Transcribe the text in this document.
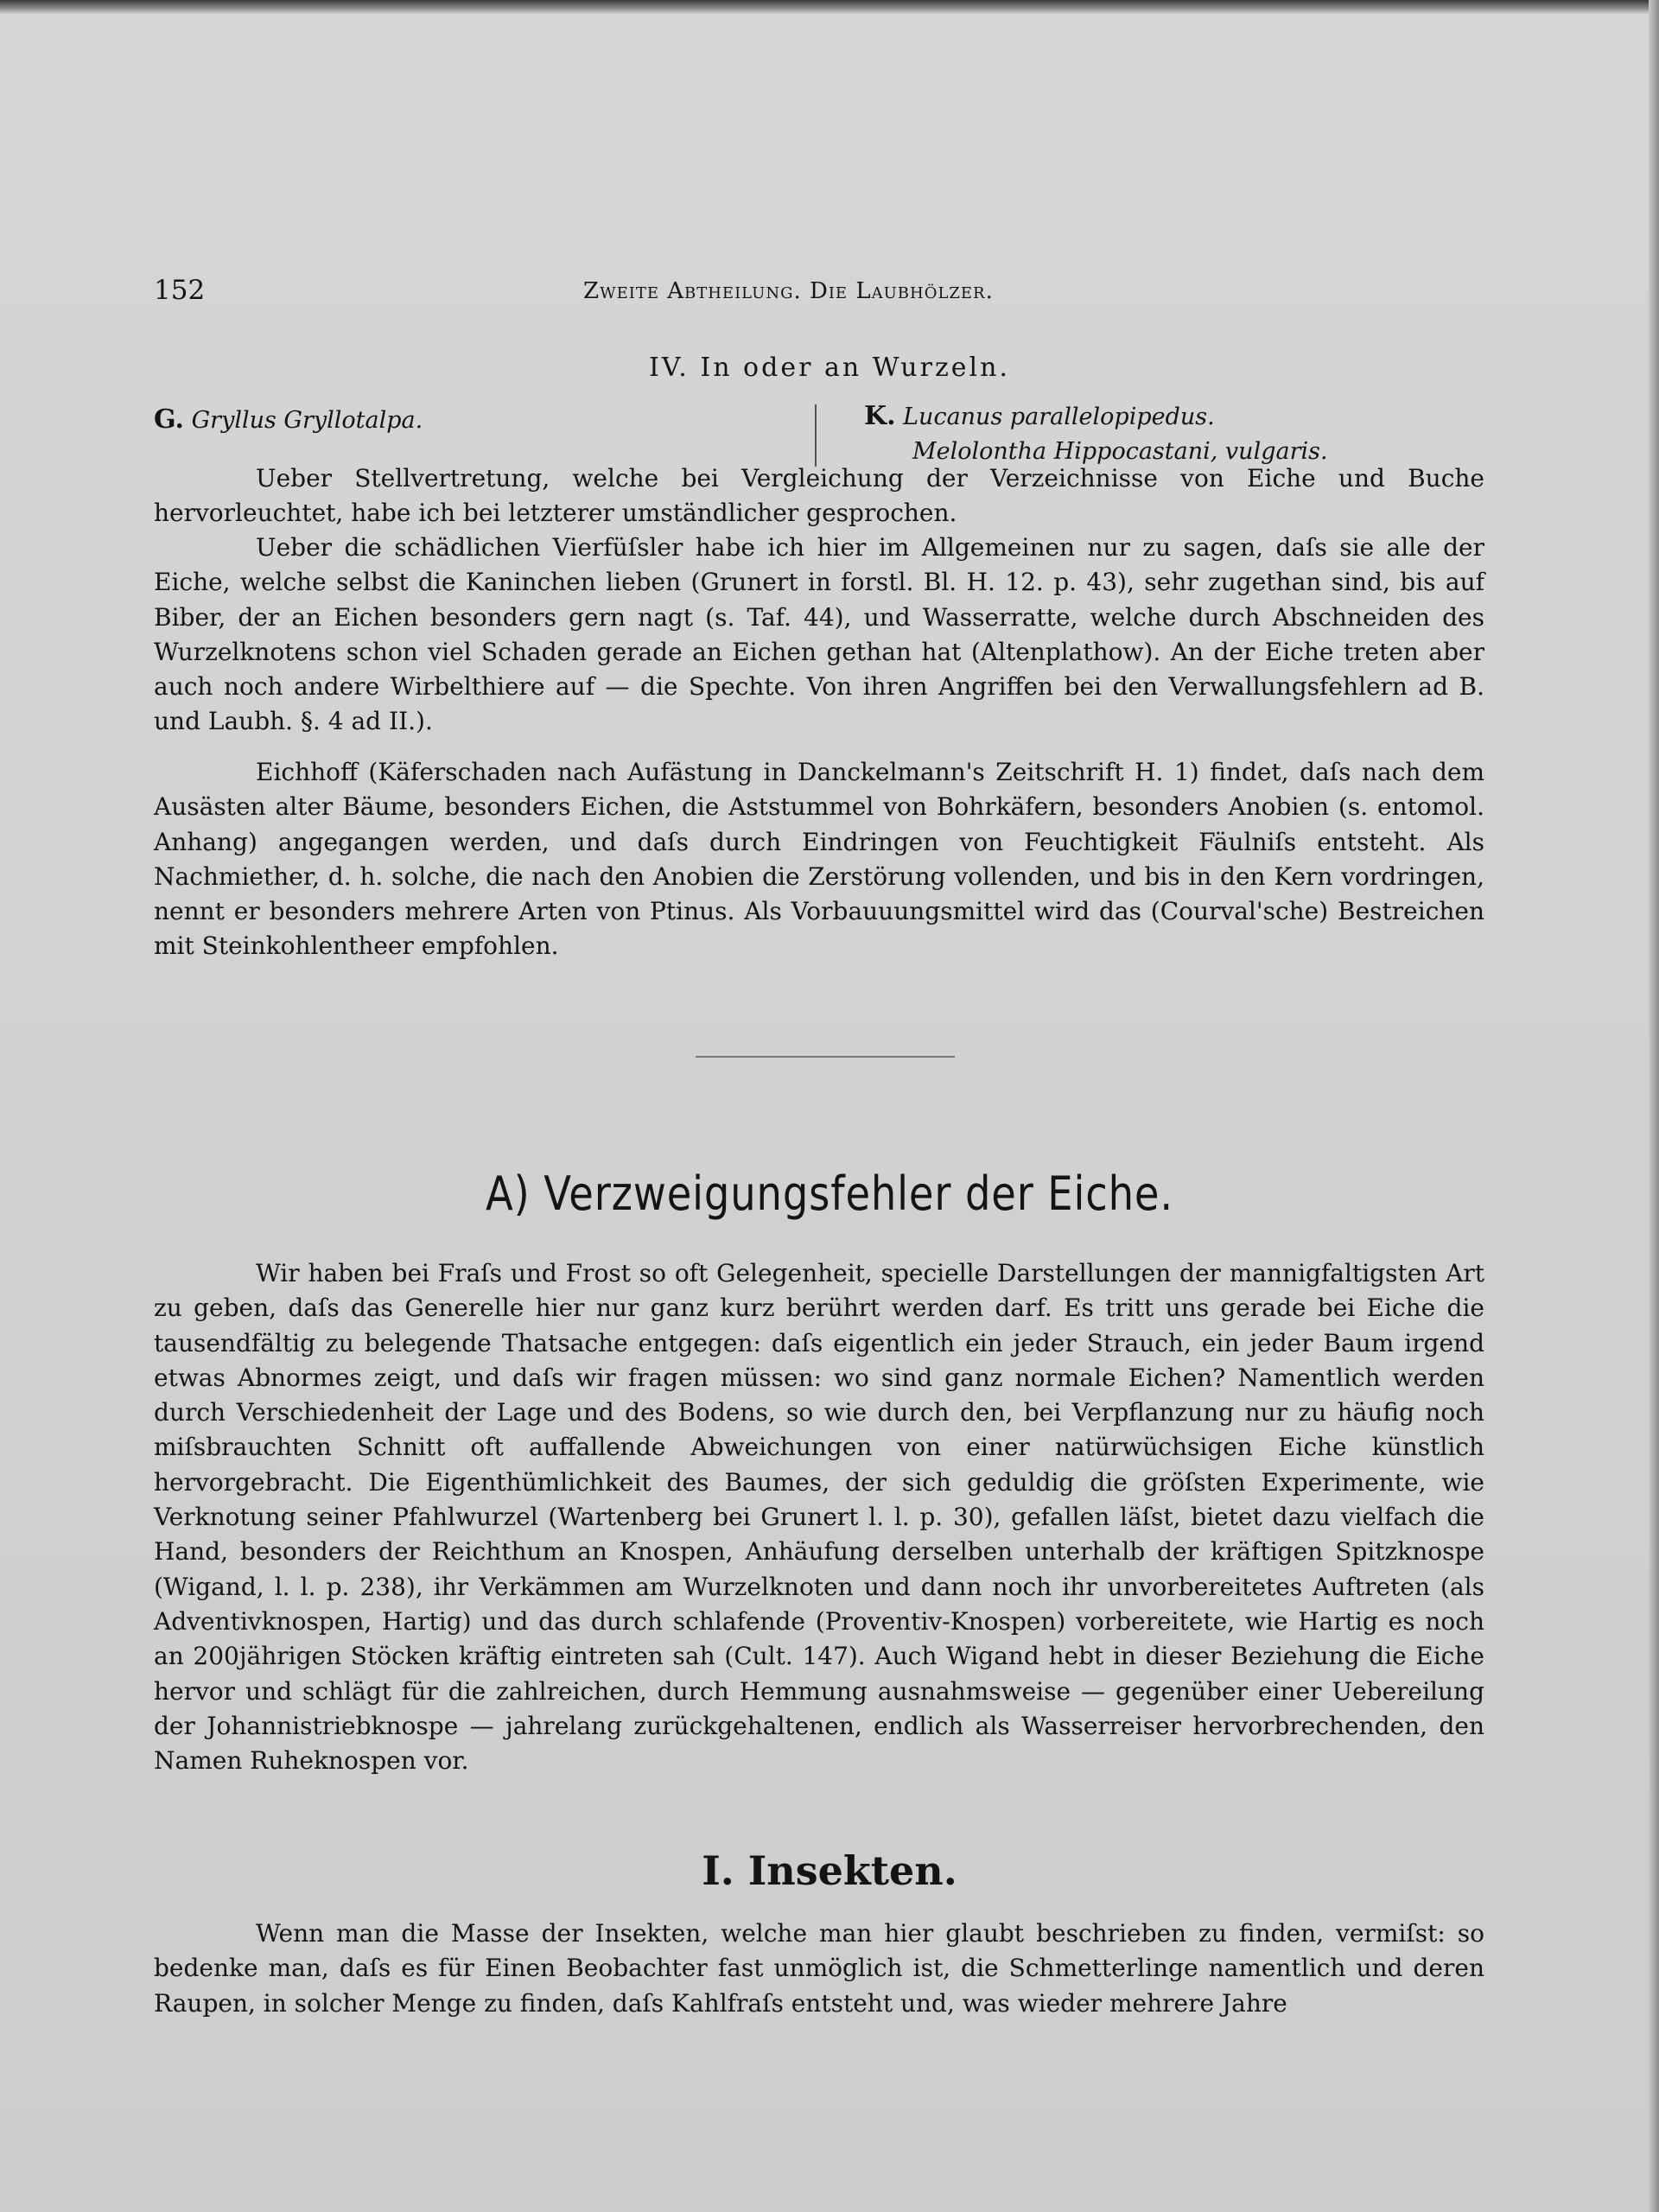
152	Zweite Abtheilung. Die Laubhölzer.
IV. In oder an Wurzeln.
G. Gryllus Gryllotalpa.	K. Lucanus parallelopipedus.
Melolontha Hippocastani, vulgaris.

Ueber Stellvertretung, welche bei Vergleichung der Verzeichnisse von Eiche und Buche hervorleuchtet, habe ich bei letzterer umständlicher gesprochen.

Ueber die schädlichen Vierfüſsler habe ich hier im Allgemeinen nur zu sagen, daſs sie alle der Eiche, welche selbst die Kaninchen lieben (Grunert in forstl. Bl. H. 12. p. 43), sehr zugethan sind, bis auf Biber, der an Eichen besonders gern nagt (s. Taf. 44), und Wasserratte, welche durch Abschneiden des Wurzelknotens schon viel Schaden gerade an Eichen gethan hat (Altenplathow). An der Eiche treten aber auch noch andere Wirbelthiere auf — die Spechte. Von ihren Angriffen bei den Verwallungsfehlern ad B. und Laubh. §. 4 ad II.).

Eichhoff (Käferschaden nach Aufästung in Danckelmann's Zeitschrift H. 1) findet, daſs nach dem Ausästen alter Bäume, besonders Eichen, die Aststummel von Bohrkäfern, besonders Anobien (s. entomol. Anhang) angegangen werden, und daſs durch Eindringen von Feuchtigkeit Fäulniſs entsteht. Als Nachmiether, d. h. solche, die nach den Anobien die Zerstörung vollenden, und bis in den Kern vordringen, nennt er besonders mehrere Arten von Ptinus. Als Vorbauuungsmittel wird das (Courval'sche) Bestreichen mit Steinkohlentheer empfohlen.

A) Verzweigungsfehler der Eiche.

Wir haben bei Fraſs und Frost so oft Gelegenheit, specielle Darstellungen der mannigfaltigsten Art zu geben, daſs das Generelle hier nur ganz kurz berührt werden darf. Es tritt uns gerade bei Eiche die tausendfältig zu belegende Thatsache entgegen: daſs eigentlich ein jeder Strauch, ein jeder Baum irgend etwas Abnormes zeigt, und daſs wir fragen müssen: wo sind ganz normale Eichen? Namentlich werden durch Verschiedenheit der Lage und des Bodens, so wie durch den, bei Verpflanzung nur zu häufig noch miſsbrauchten Schnitt oft auffallende Abweichungen von einer natürwüchsigen Eiche künstlich hervorgebracht. Die Eigenthümlichkeit des Baumes, der sich geduldig die gröſsten Experimente, wie Verknotung seiner Pfahlwurzel (Wartenberg bei Grunert l. l. p. 30), gefallen läſst, bietet dazu vielfach die Hand, besonders der Reichthum an Knospen, Anhäufung derselben unterhalb der kräftigen Spitzknospe (Wigand, l. l. p. 238), ihr Verkämmen am Wurzelknoten und dann noch ihr unvorbereitetes Auftreten (als Adventivknospen, Hartig) und das durch schlafende (Proventiv-Knospen) vorbereitete, wie Hartig es noch an 200jährigen Stöcken kräftig eintreten sah (Cult. 147). Auch Wigand hebt in dieser Beziehung die Eiche hervor und schlägt für die zahlreichen, durch Hemmung ausnahmsweise — gegenüber einer Uebereilung der Johannistriebknospe — jahrelang zurückgehaltenen, endlich als Wasserreiser hervorbrechenden, den Namen Ruheknospen vor.

I. Insekten.

Wenn man die Masse der Insekten, welche man hier glaubt beschrieben zu finden, vermiſst: so bedenke man, daſs es für Einen Beobachter fast unmöglich ist, die Schmetterlinge namentlich und deren Raupen, in solcher Menge zu finden, daſs Kahlfraſs entsteht und, was wieder mehrere Jahre
